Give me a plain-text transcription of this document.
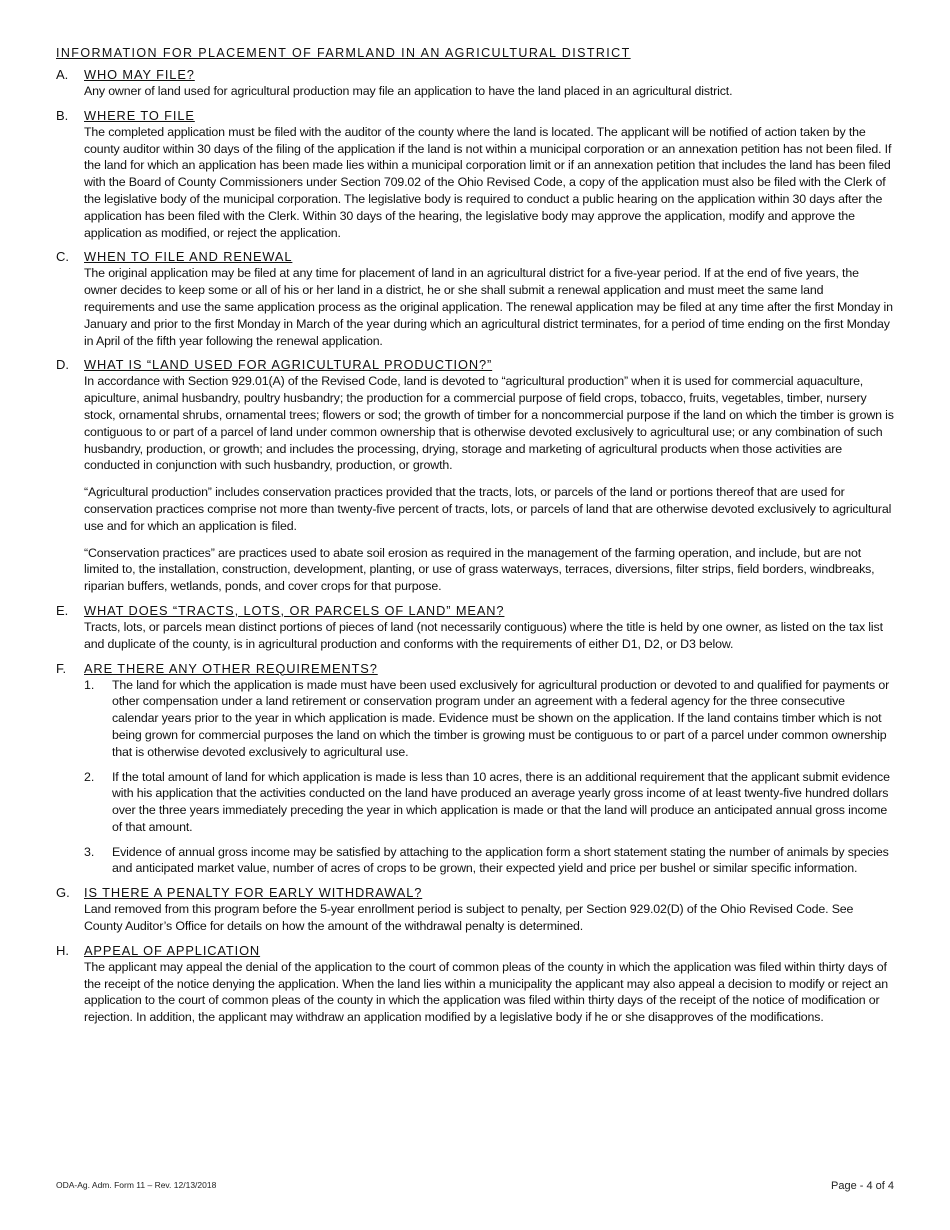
INFORMATION FOR PLACEMENT OF FARMLAND IN AN AGRICULTURAL DISTRICT
A. WHO MAY FILE?

Any owner of land used for agricultural production may file an application to have the land placed in an agricultural district.

B. WHERE TO FILE

The completed application must be filed with the auditor of the county where the land is located. The applicant will be notified of action taken by the county auditor within 30 days of the filing of the application if the land is not within a municipal corporation or an annexation petition has not been filed. If the land for which an application has been made lies within a municipal corporation limit or if an annexation petition that includes the land has been filed with the Board of County Commissioners under Section 709.02 of the Ohio Revised Code, a copy of the application must also be filed with the Clerk of the legislative body of the municipal corporation. The legislative body is required to conduct a public hearing on the application within 30 days after the application has been filed with the Clerk. Within 30 days of the hearing, the legislative body may approve the application, modify and approve the application as modified, or reject the application.

C. WHEN TO FILE AND RENEWAL

The original application may be filed at any time for placement of land in an agricultural district for a five-year period. If at the end of five years, the owner decides to keep some or all of his or her land in a district, he or she shall submit a renewal application and must meet the same land requirements and use the same application process as the original application. The renewal application may be filed at any time after the first Monday in January and prior to the first Monday in March of the year during which an agricultural district terminates, for a period of time ending on the first Monday in April of the fifth year following the renewal application.

D. WHAT IS “LAND USED FOR AGRICULTURAL PRODUCTION?”

In accordance with Section 929.01(A) of the Revised Code, land is devoted to “agricultural production” when it is used for commercial aquaculture, apiculture, animal husbandry, poultry husbandry; the production for a commercial purpose of field crops, tobacco, fruits, vegetables, timber, nursery stock, ornamental shrubs, ornamental trees; flowers or sod; the growth of timber for a noncommercial purpose if the land on which the timber is grown is contiguous to or part of a parcel of land under common ownership that is otherwise devoted exclusively to agricultural use; or any combination of such husbandry, production, or growth; and includes the processing, drying, storage and marketing of agricultural products when those activities are conducted in conjunction with such husbandry, production, or growth.

“Agricultural production” includes conservation practices provided that the tracts, lots, or parcels of the land or portions thereof that are used for conservation practices comprise not more than twenty-five percent of tracts, lots, or parcels of land that are otherwise devoted exclusively to agricultural use and for which an application is filed.

“Conservation practices” are practices used to abate soil erosion as required in the management of the farming operation, and include, but are not limited to, the installation, construction, development, planting, or use of grass waterways, terraces, diversions, filter strips, field borders, windbreaks, riparian buffers, wetlands, ponds, and cover crops for that purpose.

E. WHAT DOES “TRACTS, LOTS, OR PARCELS OF LAND” MEAN?

Tracts, lots, or parcels mean distinct portions of pieces of land (not necessarily contiguous) where the title is held by one owner, as listed on the tax list and duplicate of the county, is in agricultural production and conforms with the requirements of either D1, D2, or D3 below.

F. ARE THERE ANY OTHER REQUIREMENTS?
1. The land for which the application is made must have been used exclusively for agricultural production or devoted to and qualified for payments or other compensation under a land retirement or conservation program under an agreement with a federal agency for the three consecutive calendar years prior to the year in which application is made. Evidence must be shown on the application. If the land contains timber which is not being grown for commercial purposes the land on which the timber is growing must be contiguous to or part of a parcel under common ownership that is otherwise devoted exclusively to agricultural use.

2. If the total amount of land for which application is made is less than 10 acres, there is an additional requirement that the applicant submit evidence with his application that the activities conducted on the land have produced an average yearly gross income of at least twenty-five hundred dollars over the three years immediately preceding the year in which application is made or that the land will produce an anticipated annual gross income of that amount.

3. Evidence of annual gross income may be satisfied by attaching to the application form a short statement stating the number of animals by species and anticipated market value, number of acres of crops to be grown, their expected yield and price per bushel or similar specific information.

G. IS THERE A PENALTY FOR EARLY WITHDRAWAL?

Land removed from this program before the 5-year enrollment period is subject to penalty, per Section 929.02(D) of the Ohio Revised Code. See County Auditor’s Office for details on how the amount of the withdrawal penalty is determined.

H. APPEAL OF APPLICATION

The applicant may appeal the denial of the application to the court of common pleas of the county in which the application was filed within thirty days of the receipt of the notice denying the application. When the land lies within a municipality the applicant may also appeal a decision to modify or reject an application to the court of common pleas of the county in which the application was filed within thirty days of the receipt of the notice of modification or rejection. In addition, the applicant may withdraw an application modified by a legislative body if he or she disapproves of the modifications.

ODA-Ag. Adm. Form 11 – Rev. 12/13/2018	Page - 4 of 4
